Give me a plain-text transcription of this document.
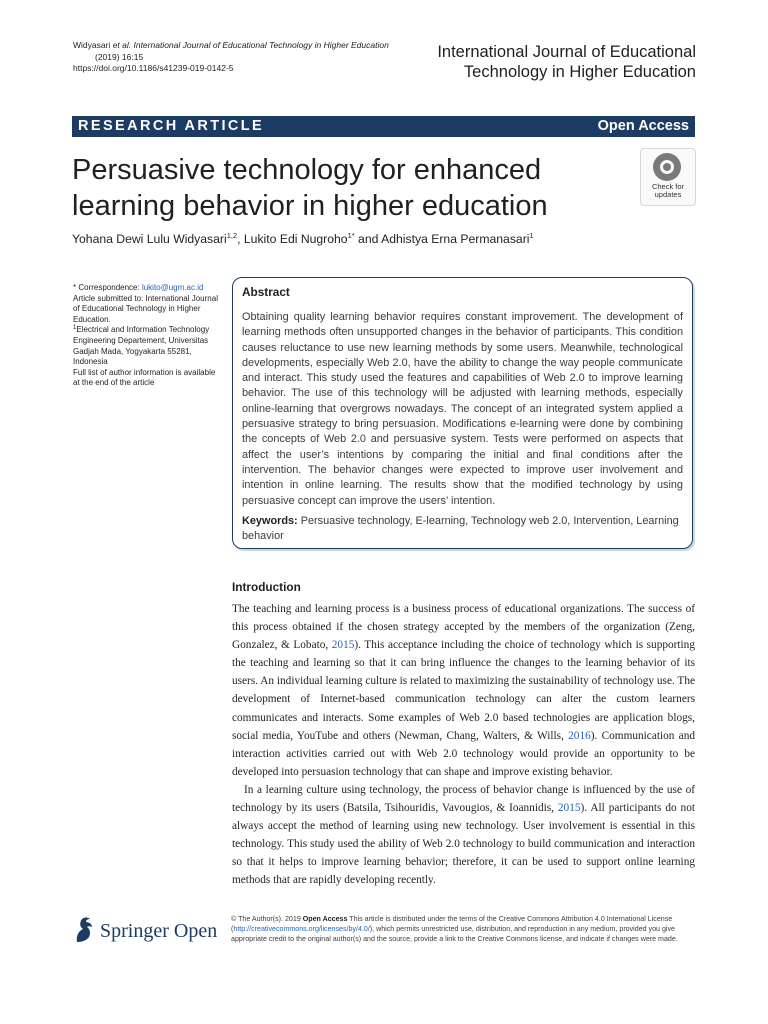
Widyasari et al. International Journal of Educational Technology in Higher Education
(2019) 16:15
https://doi.org/10.1186/s41239-019-0142-5
International Journal of Educational
Technology in Higher Education
RESEARCH ARTICLE	Open Access
Persuasive technology for enhanced
learning behavior in higher education
Check for
updates
Yohana Dewi Lulu Widyasari$^{1,2}$, Lukito Edi Nugroho$^{1*}$ and Adhistya Erna Permanasari$^1$
* Correspondence: lukito@ugm.ac.id
Article submitted to: International Journal of Educational Technology in Higher Education.
$^1$Electrical and Information Technology Engineering Departement, Universitas Gadjah Mada, Yogyakarta 55281, Indonesia
Full list of author information is available at the end of the article
Abstract
Obtaining quality learning behavior requires constant improvement. The development of learning methods often unsupported changes in the behavior of participants. This condition causes reluctance to use new learning methods by some users. Meanwhile, technological developments, especially Web 2.0, have the ability to change the way people communicate and interact. This study used the features and capabilities of Web 2.0 to improve learning behavior. The use of this technology will be adjusted with learning methods, especially online-learning that overgrows nowadays. The concept of an integrated system applied a persuasive strategy to bring persuasion. Modifications e-learning were done by combining the concepts of Web 2.0 and persuasive system. Tests were performed on aspects that affect the user’s intentions by comparing the initial and final conditions after the intervention. The behavior changes were expected to improve user involvement and intention in online learning. The results show that the modified technology by using persuasive concept can improve the users’ intention.
Keywords: Persuasive technology, E-learning, Technology web 2.0, Intervention, Learning behavior
Introduction

The teaching and learning process is a business process of educational organizations. The success of this process obtained if the chosen strategy accepted by the members of the organization (Zeng, Gonzalez, & Lobato, 2015). This acceptance including the choice of technology which is supporting the teaching and learning so that it can bring influence the changes to the learning behavior of its users. An individual learning culture is related to maximizing the sustainability of technology use. The development of Internet-based communication technology can alter the custom learners communicates and interacts. Some examples of Web 2.0 based technologies are application blogs, social media, YouTube and others (Newman, Chang, Walters, & Wills, 2016). Communication and interaction activities carried out with Web 2.0 technology would provide an opportunity to be developed into persuasion technology that can shape and improve existing behavior.

In a learning culture using technology, the process of behavior change is influenced by the use of technology by its users (Batsila, Tsihouridis, Vavougios, & Ioannidis, 2015). All participants do not always accept the method of learning using new technology. User involvement is essential in this technology. This study used the ability of Web 2.0 technology to build communication and interaction so that it helps to improve learning behavior; therefore, it can be used to support online learning methods that are rapidly developing recently.

Springer Open
© The Author(s). 2019 Open Access This article is distributed under the terms of the Creative Commons Attribution 4.0 International License (http://creativecommons.org/licenses/by/4.0/), which permits unrestricted use, distribution, and reproduction in any medium, provided you give appropriate credit to the original author(s) and the source, provide a link to the Creative Commons license, and indicate if changes were made.
